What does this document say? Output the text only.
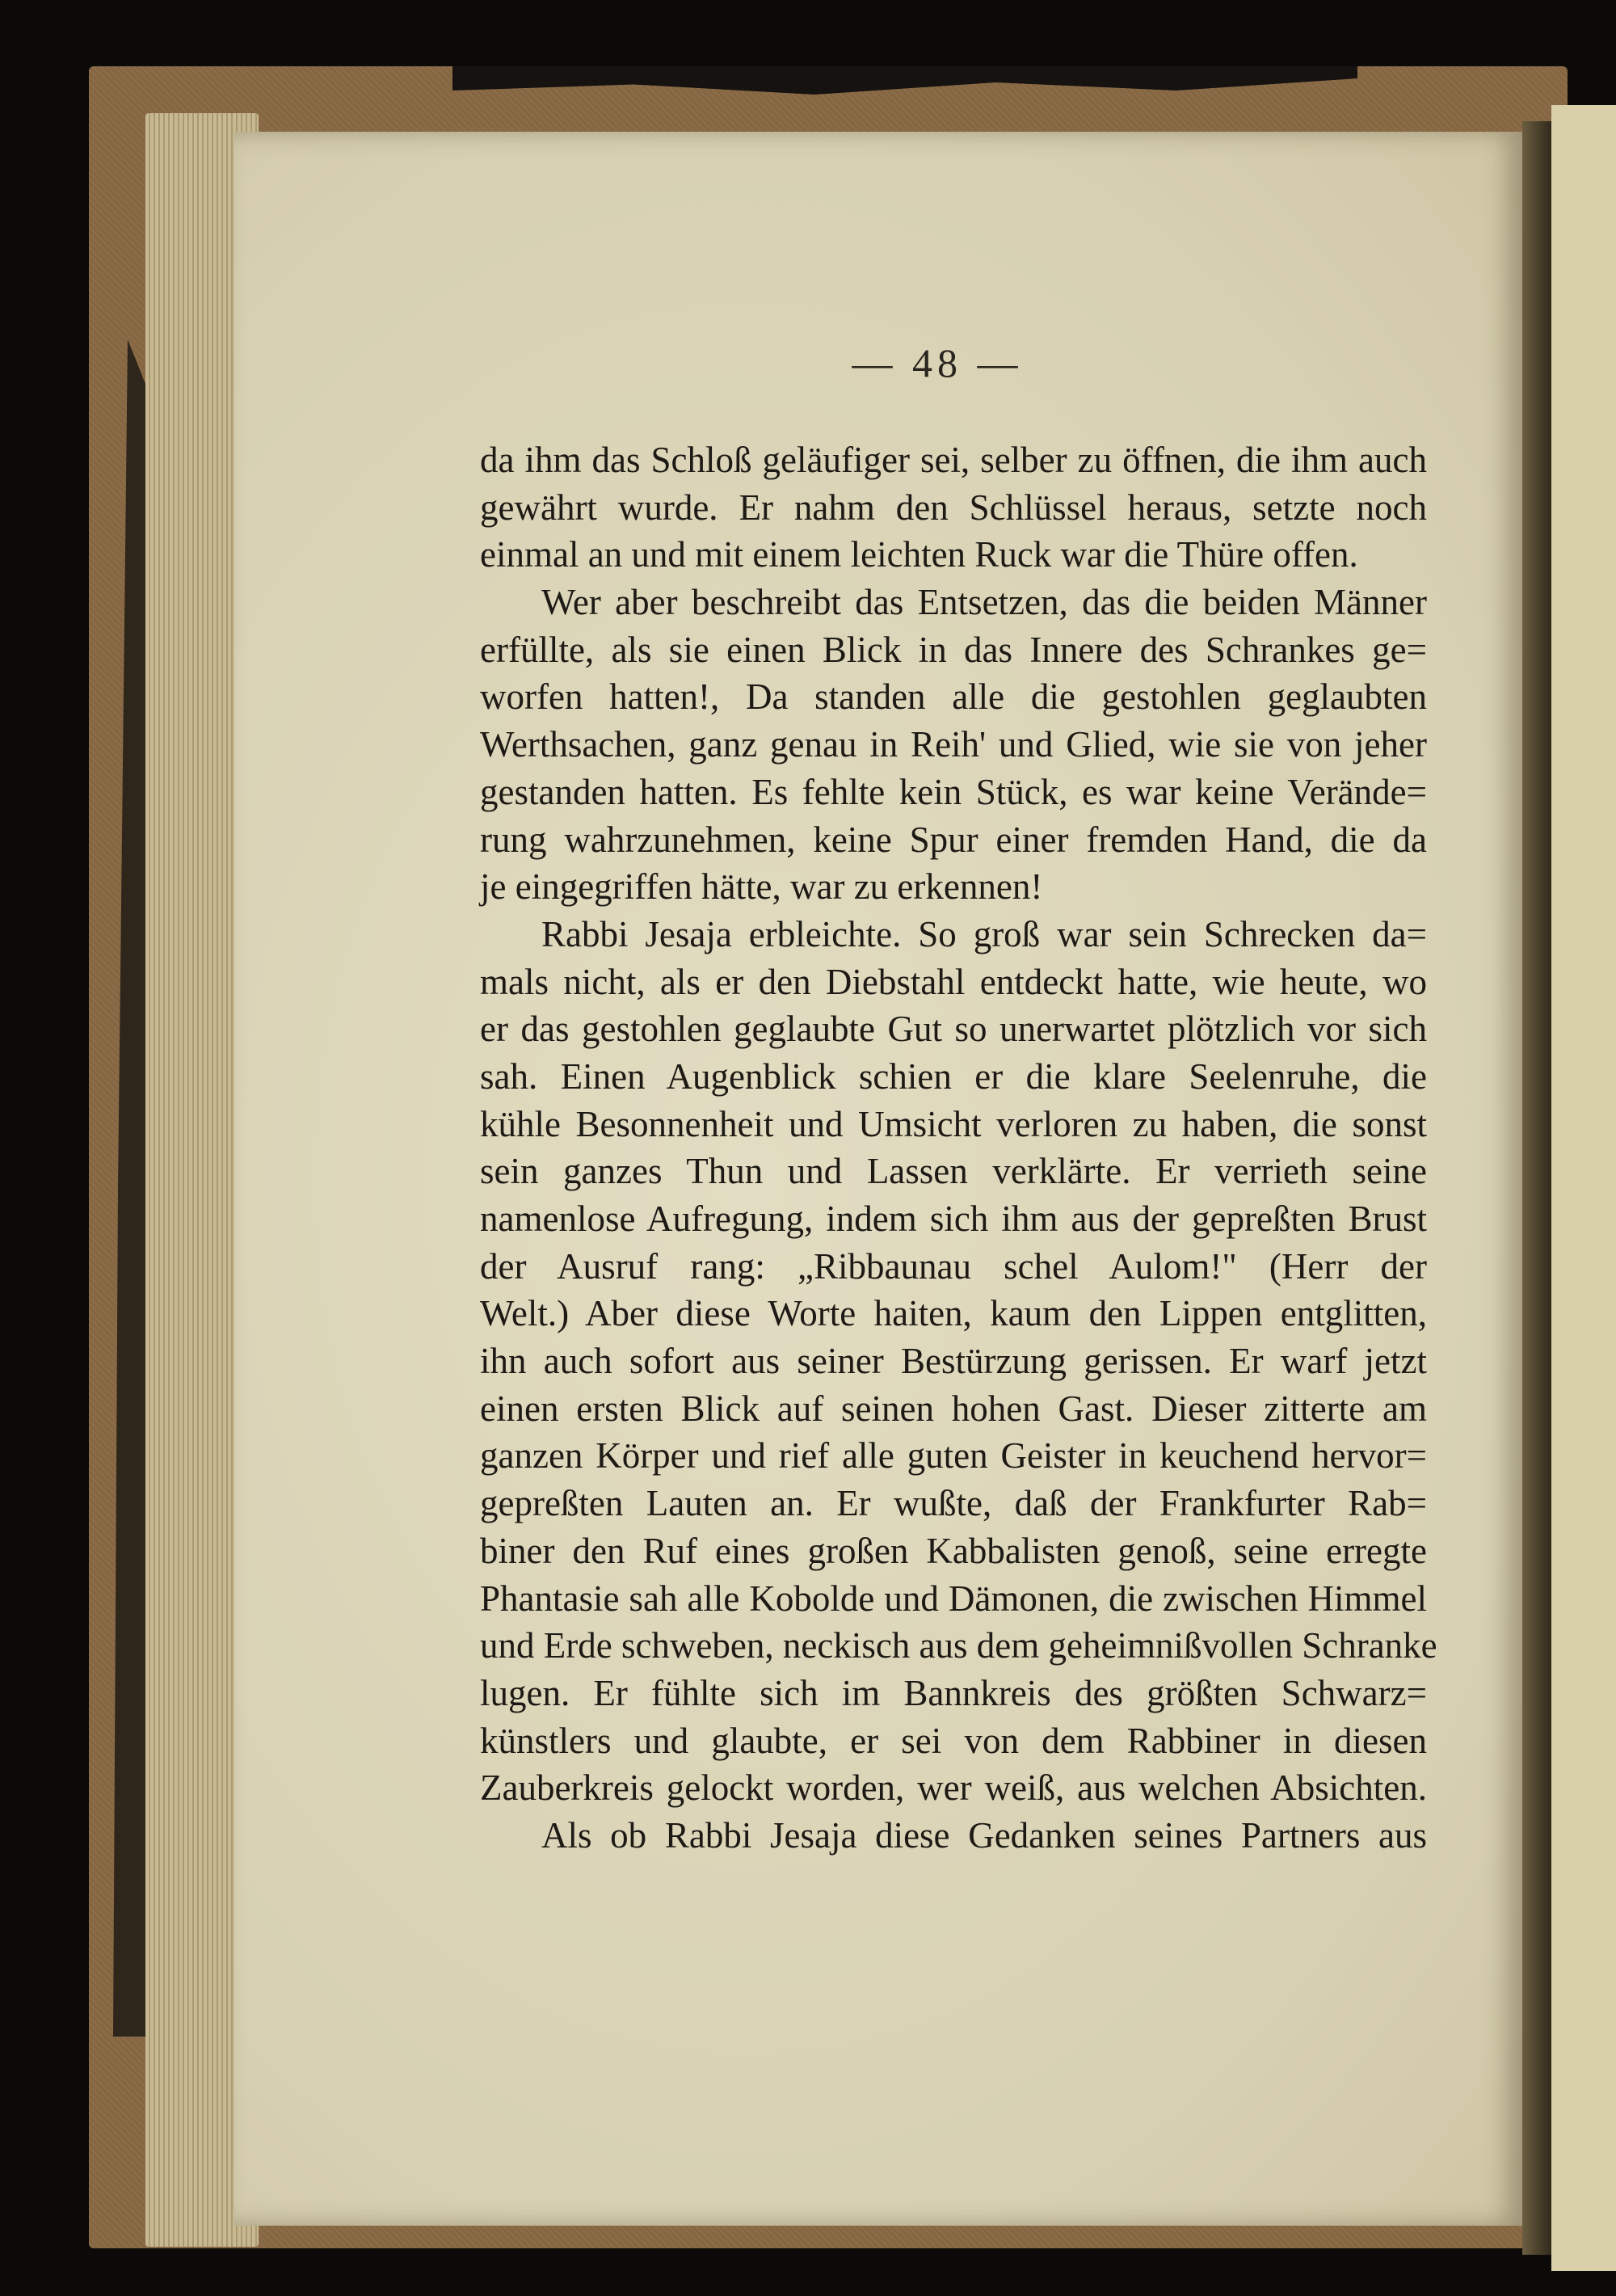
— 48 —
da ihm das Schloß geläufiger sei, selber zu öffnen, die ihm auch
gewährt wurde. Er nahm den Schlüssel heraus, setzte noch
einmal an und mit einem leichten Ruck war die Thüre offen.
Wer aber beschreibt das Entsetzen, das die beiden Männer
erfüllte, als sie einen Blick in das Innere des Schrankes ge=
worfen hatten!, Da standen alle die gestohlen geglaubten
Werthsachen, ganz genau in Reih' und Glied, wie sie von jeher
gestanden hatten. Es fehlte kein Stück, es war keine Verände=
rung wahrzunehmen, keine Spur einer fremden Hand, die da
je eingegriffen hätte, war zu erkennen!
Rabbi Jesaja erbleichte. So groß war sein Schrecken da=
mals nicht, als er den Diebstahl entdeckt hatte, wie heute, wo
er das gestohlen geglaubte Gut so unerwartet plötzlich vor sich
sah. Einen Augenblick schien er die klare Seelenruhe, die
kühle Besonnenheit und Umsicht verloren zu haben, die sonst
sein ganzes Thun und Lassen verklärte. Er verrieth seine
namenlose Aufregung, indem sich ihm aus der gepreßten Brust
der Ausruf rang: „Ribbaunau schel Aulom!" (Herr der
Welt.) Aber diese Worte haiten, kaum den Lippen entglitten,
ihn auch sofort aus seiner Bestürzung gerissen. Er warf jetzt
einen ersten Blick auf seinen hohen Gast. Dieser zitterte am
ganzen Körper und rief alle guten Geister in keuchend hervor=
gepreßten Lauten an. Er wußte, daß der Frankfurter Rab=
biner den Ruf eines großen Kabbalisten genoß, seine erregte
Phantasie sah alle Kobolde und Dämonen, die zwischen Himmel
und Erde schweben, neckisch aus dem geheimnißvollen Schranke
lugen. Er fühlte sich im Bannkreis des größten Schwarz=
künstlers und glaubte, er sei von dem Rabbiner in diesen
Zauberkreis gelockt worden, wer weiß, aus welchen Absichten.
Als ob Rabbi Jesaja diese Gedanken seines Partners aus
